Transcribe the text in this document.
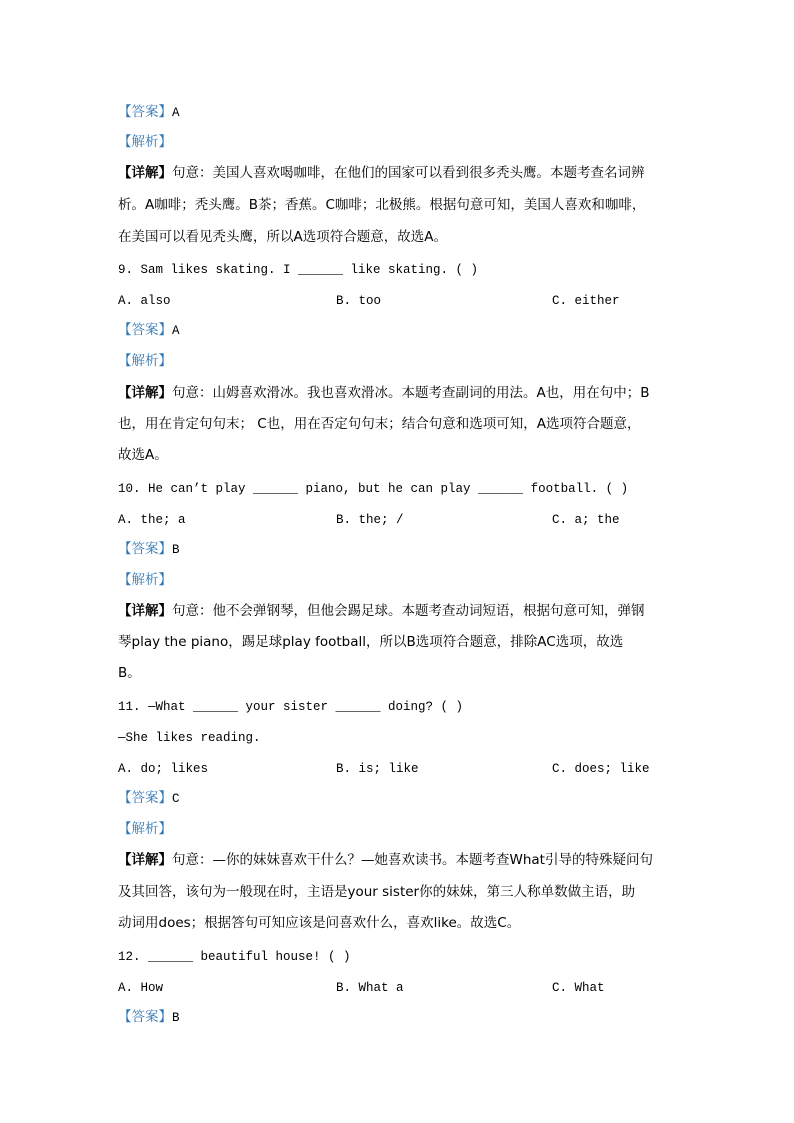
【答案】A
【解析】
【详解】句意：美国人喜欢喝咖啡，在他们的国家可以看到很多秃头鹰。本题考查名词辨
析。A咖啡；秃头鹰。B茶；香蕉。C咖啡；北极熊。根据句意可知，美国人喜欢和咖啡，
在美国可以看见秃头鹰，所以A选项符合题意，故选A。
9. Sam likes skating. I ______ like skating. ( )
A. also	B. too	C. either
【答案】A
【解析】
【详解】句意：山姆喜欢滑冰。我也喜欢滑冰。本题考查副词的用法。A也，用在句中；B
也，用在肯定句句末； C也，用在否定句句末；结合句意和选项可知，A选项符合题意，
故选A。
10. He can’t play ______ piano, but he can play ______ football. ( )
A. the; a	B. the; /	C. a; the
【答案】B
【解析】
【详解】句意：他不会弹钢琴，但他会踢足球。本题考查动词短语，根据句意可知，弹钢
琴play the piano，踢足球play football，所以B选项符合题意，排除AC选项，故选
B。
11. —What ______ your sister ______ doing? ( )
—She likes reading.
A. do; likes	B. is; like	C. does; like
【答案】C
【解析】
【详解】句意：—你的妹妹喜欢干什么？—她喜欢读书。本题考查What引导的特殊疑问句
及其回答，该句为一般现在时，主语是your sister你的妹妹，第三人称单数做主语，助
动词用does；根据答句可知应该是问喜欢什么，喜欢like。故选C。
12. ______ beautiful house! ( )
A. How	B. What a	C. What
【答案】B
